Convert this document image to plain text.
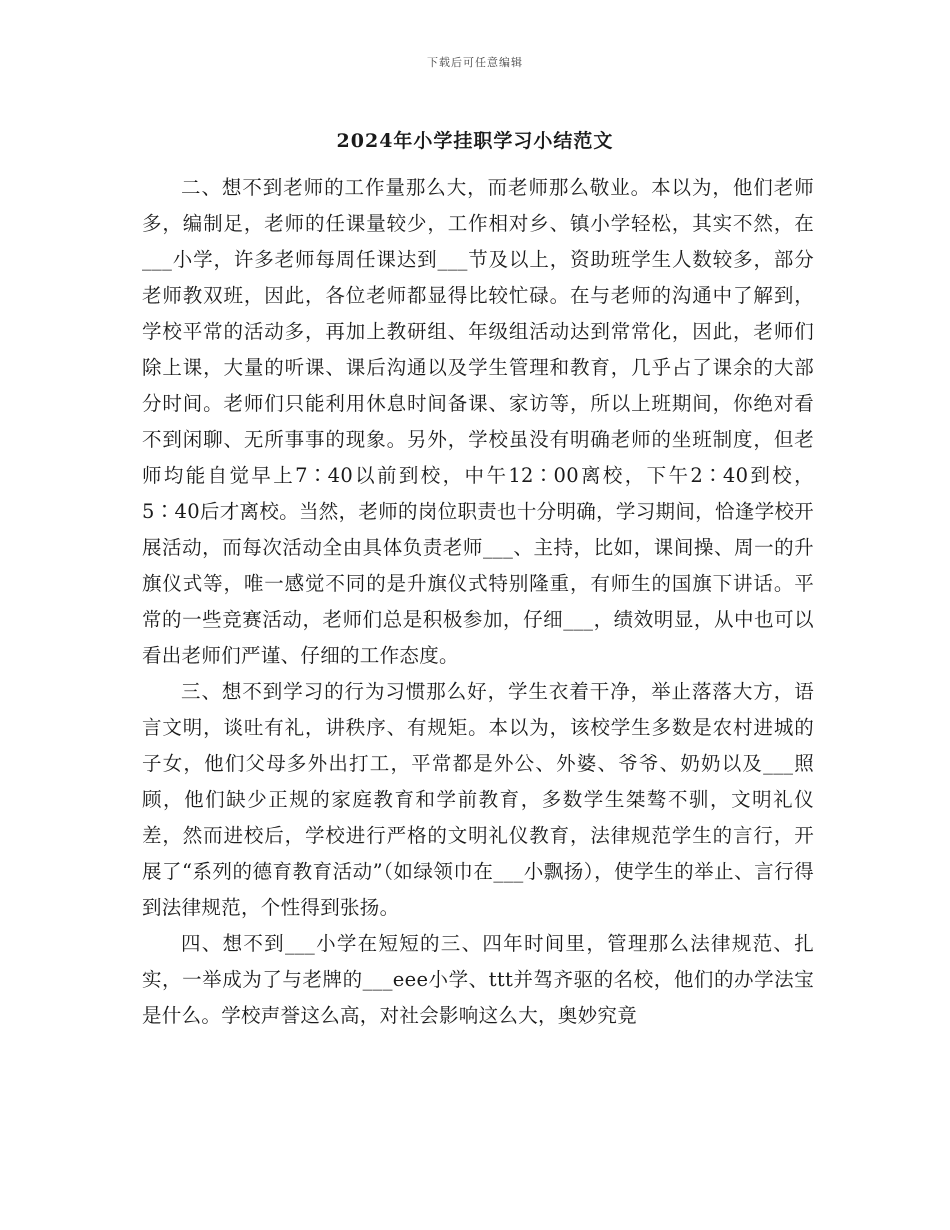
下载后可任意编辑
2024年小学挂职学习小结范文

二、想不到老师的工作量那么大，而老师那么敬业。本以为，他们老师多，编制足，老师的任课量较少，工作相对乡、镇小学轻松，其实不然，在___小学，许多老师每周任课达到___节及以上，资助班学生人数较多，部分老师教双班，因此，各位老师都显得比较忙碌。在与老师的沟通中了解到，学校平常的活动多，再加上教研组、年级组活动达到常常化，因此，老师们除上课，大量的听课、课后沟通以及学生管理和教育，几乎占了课余的大部分时间。老师们只能利用休息时间备课、家访等，所以上班期间，你绝对看不到闲聊、无所事事的现象。另外，学校虽没有明确老师的坐班制度，但老师均能自觉早上7∶40以前到校，中午12∶00离校，下午2∶40到校，5∶40后才离校。当然，老师的岗位职责也十分明确，学习期间，恰逢学校开展活动，而每次活动全由具体负责老师___、主持，比如，课间操、周一的升旗仪式等，唯一感觉不同的是升旗仪式特别隆重，有师生的国旗下讲话。平常的一些竞赛活动，老师们总是积极参加，仔细___，绩效明显，从中也可以看出老师们严谨、仔细的工作态度。

三、想不到学习的行为习惯那么好，学生衣着干净，举止落落大方，语言文明，谈吐有礼，讲秩序、有规矩。本以为，该校学生多数是农村进城的子女，他们父母多外出打工，平常都是外公、外婆、爷爷、奶奶以及___照顾，他们缺少正规的家庭教育和学前教育，多数学生桀骜不驯，文明礼仪差，然而进校后，学校进行严格的文明礼仪教育，法律规范学生的言行，开展了“系列的德育教育活动”（如绿领巾在___小飘扬），使学生的举止、言行得到法律规范，个性得到张扬。

四、想不到___小学在短短的三、四年时间里，管理那么法律规范、扎实，一举成为了与老牌的___eee小学、ttt并驾齐驱的名校，他们的办学法宝是什么。学校声誉这么高，对社会影响这么大，奥妙究竟
